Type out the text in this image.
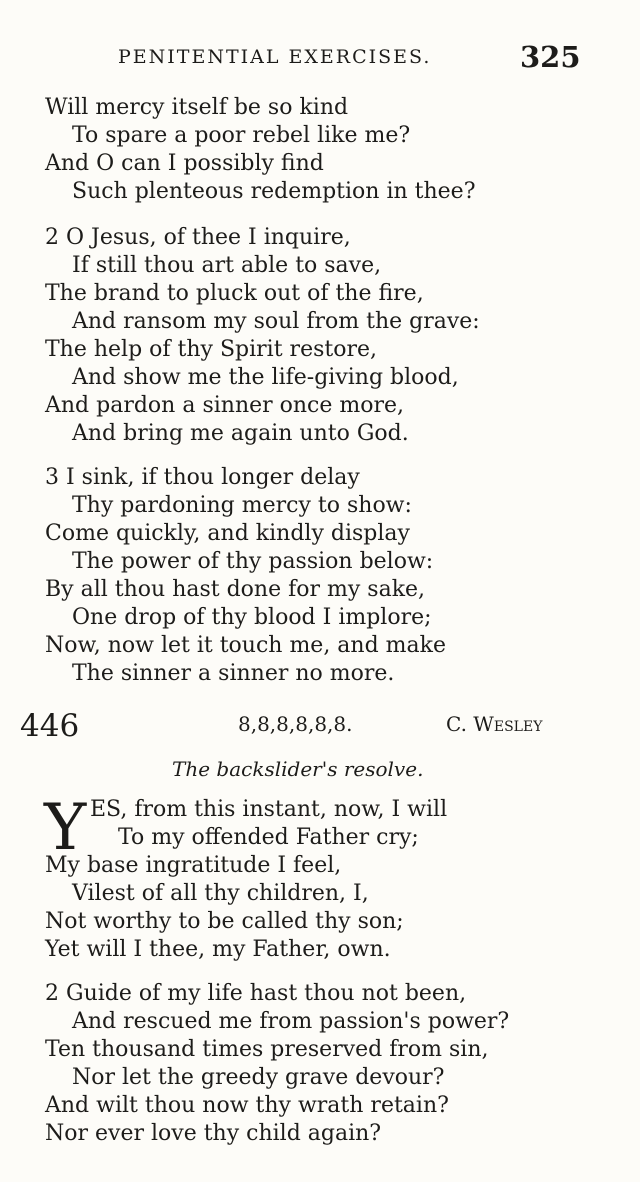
PENITENTIAL EXERCISES.	325
Will mercy itself be so kind
To spare a poor rebel like me?
And O can I possibly find
Such plenteous redemption in thee?
2 O Jesus, of thee I inquire,
If still thou art able to save,
The brand to pluck out of the fire,
And ransom my soul from the grave:
The help of thy Spirit restore,
And show me the life-giving blood,
And pardon a sinner once more,
And bring me again unto God.
3 I sink, if thou longer delay
Thy pardoning mercy to show:
Come quickly, and kindly display
The power of thy passion below:
By all thou hast done for my sake,
One drop of thy blood I implore;
Now, now let it touch me, and make
The sinner a sinner no more.
446	8,8,8,8,8,8.	C. Wesley
The backslider's resolve.
Y ES, from this instant, now, I will
To my offended Father cry;
My base ingratitude I feel,
Vilest of all thy children, I,
Not worthy to be called thy son;
Yet will I thee, my Father, own.
2 Guide of my life hast thou not been,
And rescued me from passion's power?
Ten thousand times preserved from sin,
Nor let the greedy grave devour?
And wilt thou now thy wrath retain?
Nor ever love thy child again?
